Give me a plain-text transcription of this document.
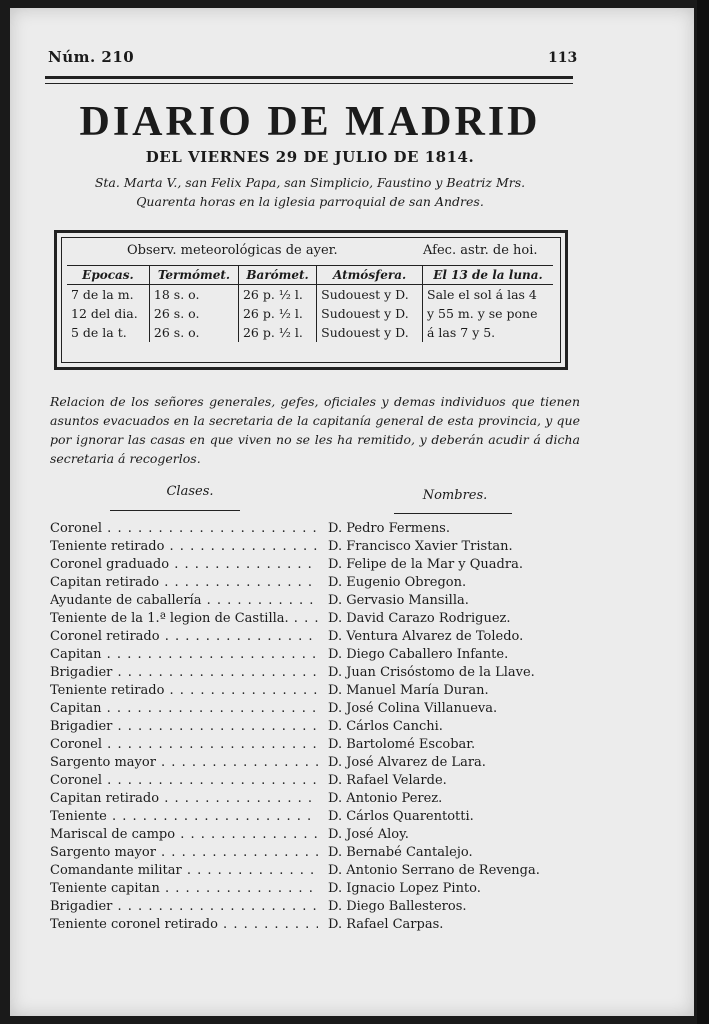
Núm. 210	113
DIARIO DE MADRID
DEL VIERNES 29 DE JULIO DE 1814.
Sta. Marta V., san Felix Papa, san Simplicio, Faustino y Beatriz Mrs.
Quarenta horas en la iglesia parroquial de san Andres.
Observ. meteorológicas de ayer.	Afec. astr. de hoi.
Epocas.	Termómet.	Barómet.	Atmósfera.	El 13 de la luna.
7 de la m.	18 s. o.	26 p. ½ l.	Sudouest y D.	Sale el sol á las 4
12 del dia.	26 s. o.	26 p. ½ l.	Sudouest y D.	y 55 m. y se pone
5 de la t.	26 s. o.	26 p. ½ l.	Sudouest y D.	á las 7 y 5.
Relacion de los señores generales, gefes, oficiales y demas individuos que tienen asuntos evacuados en la secretaria de la capitanía general de esta provincia, y que por ignorar las casas en que viven no se les ha remitido, y deberán acudir á dicha secretaria á recogerlos.
Clases.	Nombres.
Coronel . . .	D. Pedro Fermens.
Teniente retirado . . .	D. Francisco Xavier Tristan.
Coronel graduado . . .	D. Felipe de la Mar y Quadra.
Capitan retirado . . .	D. Eugenio Obregon.
Ayudante de caballería . . .	D. Gervasio Mansilla.
Teniente de la 1.ª legion de Castilla. . . .	D. David Carazo Rodriguez.
Coronel retirado . . .	D. Ventura Alvarez de Toledo.
Capitan . . .	D. Diego Caballero Infante.
Brigadier . . .	D. Juan Crisóstomo de la Llave.
Teniente retirado . . .	D. Manuel María Duran.
Capitan . . .	D. José Colina Villanueva.
Brigadier . . .	D. Cárlos Canchi.
Coronel . . .	D. Bartolomé Escobar.
Sargento mayor . . .	D. José Alvarez de Lara.
Coronel . . .	D. Rafael Velarde.
Capitan retirado . . .	D. Antonio Perez.
Teniente . . .	D. Cárlos Quarentotti.
Mariscal de campo . . .	D. José Aloy.
Sargento mayor . . .	D. Bernabé Cantalejo.
Comandante militar . . .	D. Antonio Serrano de Revenga.
Teniente capitan . . .	D. Ignacio Lopez Pinto.
Brigadier . . .	D. Diego Ballesteros.
Teniente coronel retirado . . .	D. Rafael Carpas.
